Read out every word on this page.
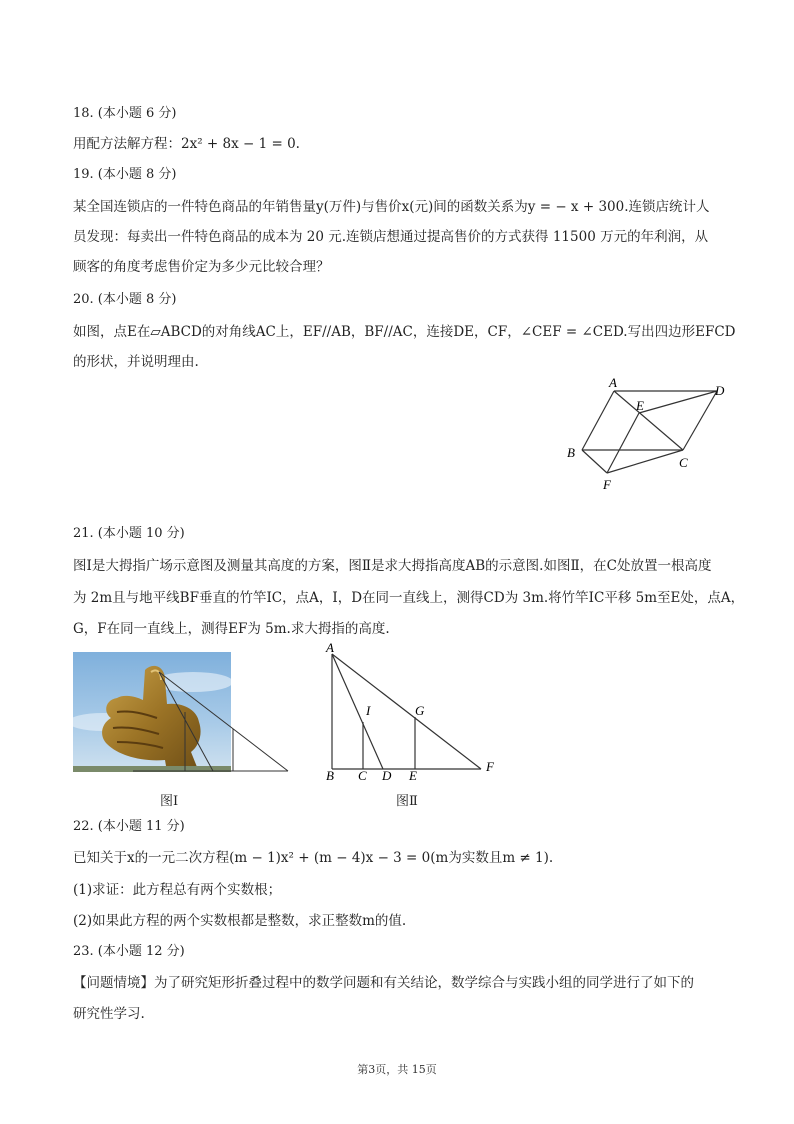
18. (本小题 6 分)
用配方法解方程：2x² + 8x − 1 = 0.
19. (本小题 8 分)
某全国连锁店的一件特色商品的年销售量y(万件)与售价x(元)间的函数关系为y = − x + 300.连锁店统计人
员发现：每卖出一件特色商品的成本为 20 元.连锁店想通过提高售价的方式获得 11500 万元的年利润，从
顾客的角度考虑售价定为多少元比较合理？
20. (本小题 8 分)
如图，点E在▱ABCD的对角线AC上，EF//AB，BF//AC，连接DE，CF，∠CEF = ∠CED.写出四边形EFCD
的形状，并说明理由.
A
D
E
B
C
F
21. (本小题 10 分)
图Ⅰ是大拇指广场示意图及测量其高度的方案，图Ⅱ是求大拇指高度AB的示意图.如图Ⅱ，在C处放置一根高度
为 2m且与地平线BF垂直的竹竿IC，点A，I，D在同一直线上，测得CD为 3m.将竹竿IC平移 5m至E处，点A，
G，F在同一直线上，测得EF为 5m.求大拇指的高度.
图Ⅰ
A
I	G
B C D E
F
图Ⅱ
22. (本小题 11 分)
已知关于x的一元二次方程(m − 1)x² + (m − 4)x − 3 = 0(m为实数且m ≠ 1).
(1)求证：此方程总有两个实数根；
(2)如果此方程的两个实数根都是整数，求正整数m的值.
23. (本小题 12 分)
【问题情境】为了研究矩形折叠过程中的数学问题和有关结论，数学综合与实践小组的同学进行了如下的
研究性学习.
第3页，共 15页
